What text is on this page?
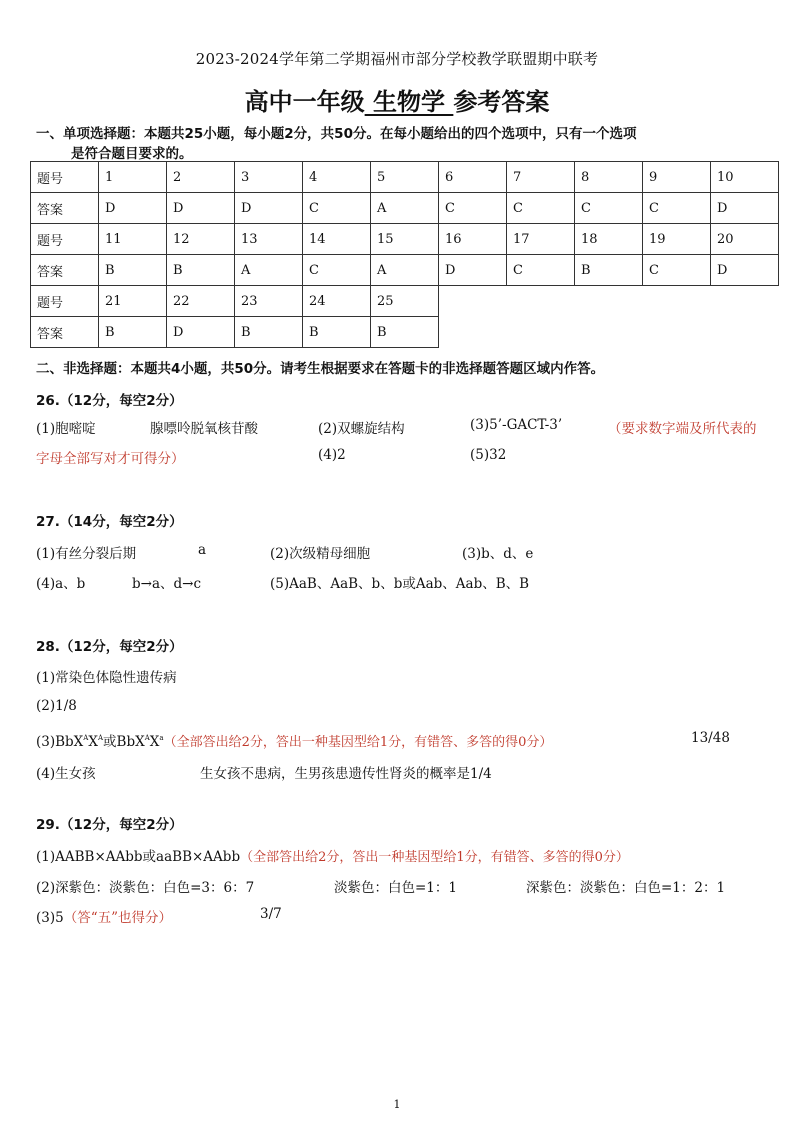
2023-2024学年第二学期福州市部分学校教学联盟期中联考
高中一年级 生物学 参考答案
一、单项选择题：本题共25小题，每小题2分，共50分。在每小题给出的四个选项中，只有一个选项
是符合题目要求的。
题号	1	2	3	4	5	6	7	8	9	10
答案	D	D	D	C	A	C	C	C	C	D
题号	11	12	13	14	15	16	17	18	19	20
答案	B	B	A	C	A	D	C	B	C	D
题号	21	22	23	24	25					
答案	B	D	B	B	B					
二、非选择题：本题共4小题，共50分。请考生根据要求在答题卡的非选择题答题区域内作答。
26.（12分，每空2分）
(1)胞嘧啶	腺嘌呤脱氧核苷酸	(2)双螺旋结构	(3)5’-GACT-3’	（要求数字端及所代表的
字母全部写对才可得分）	(4)2	(5)32
27.（14分，每空2分）
(1)有丝分裂后期	a	(2)次级精母细胞	(3)b、d、e
(4)a、b	b→a、d→c	(5)AaB、AaB、b、b或Aab、Aab、B、B
28.（12分，每空2分）
(1)常染色体隐性遗传病
(2)1/8
$(3)BbX^AX^A$或$BbX^AX^a$（全部答出给2分，答出一种基因型给1分，有错答、多答的得0分）	13/48
(4)生女孩	生女孩不患病，生男孩患遗传性肾炎的概率是1/4
29.（12分，每空2分）
(1)AABB×AAbb或aaBB×AAbb（全部答出给2分，答出一种基因型给1分，有错答、多答的得0分）
(2)深紫色：淡紫色：白色=3：6：7	淡紫色：白色=1：1	深紫色：淡紫色：白色=1：2：1
(3)5（答“五”也得分）	3/7
1
